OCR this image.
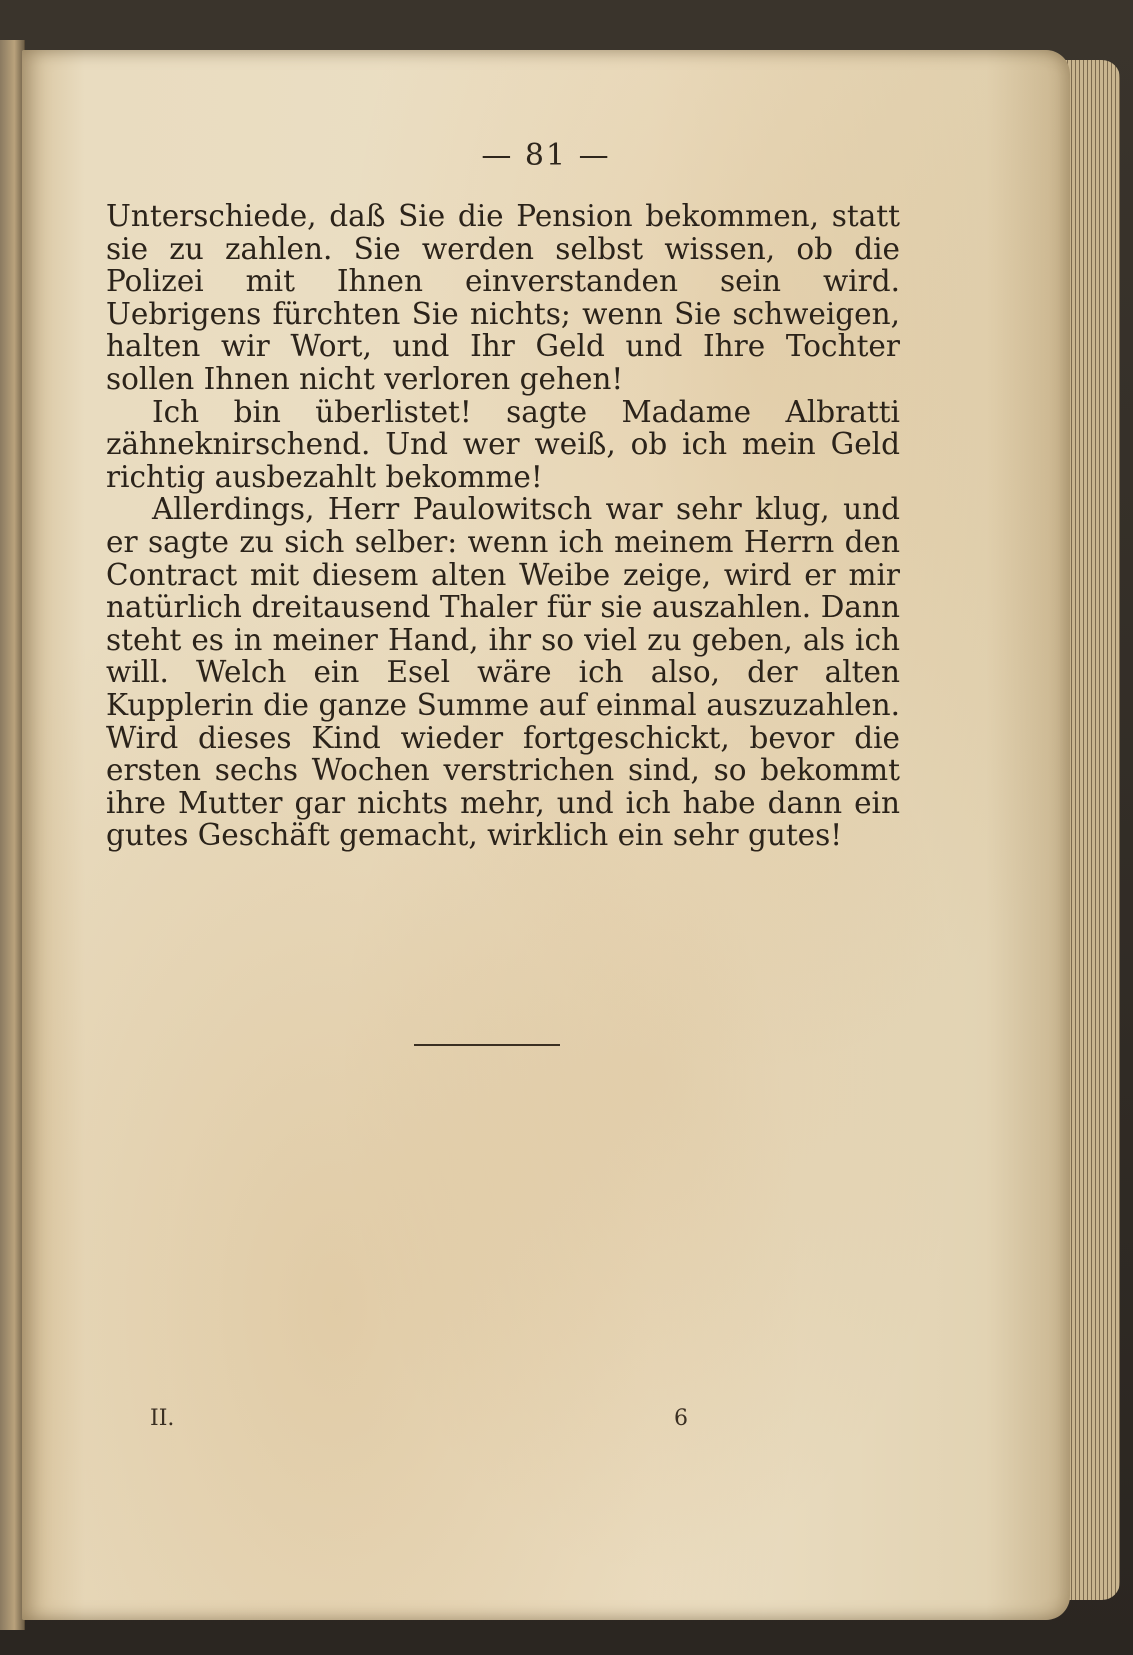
— 81 —

Unterschiede, daß Sie die Pension bekommen, statt sie zu zahlen. Sie werden selbst wissen, ob die Polizei mit Ihnen einverstanden sein wird. Uebrigens fürchten Sie nichts; wenn Sie schweigen, halten wir Wort, und Ihr Geld und Ihre Tochter sollen Ihnen nicht verloren gehen!

Ich bin überlistet! sagte Madame Albratti zähneknirschend. Und wer weiß, ob ich mein Geld richtig ausbezahlt bekomme!

Allerdings, Herr Paulowitsch war sehr klug, und er sagte zu sich selber: wenn ich meinem Herrn den Contract mit diesem alten Weibe zeige, wird er mir natürlich dreitausend Thaler für sie auszahlen. Dann steht es in meiner Hand, ihr so viel zu geben, als ich will. Welch ein Esel wäre ich also, der alten Kupplerin die ganze Summe auf einmal auszuzahlen. Wird dieses Kind wieder fortgeschickt, bevor die ersten sechs Wochen verstrichen sind, so bekommt ihre Mutter gar nichts mehr, und ich habe dann ein gutes Geschäft gemacht, wirklich ein sehr gutes!

II.	6
